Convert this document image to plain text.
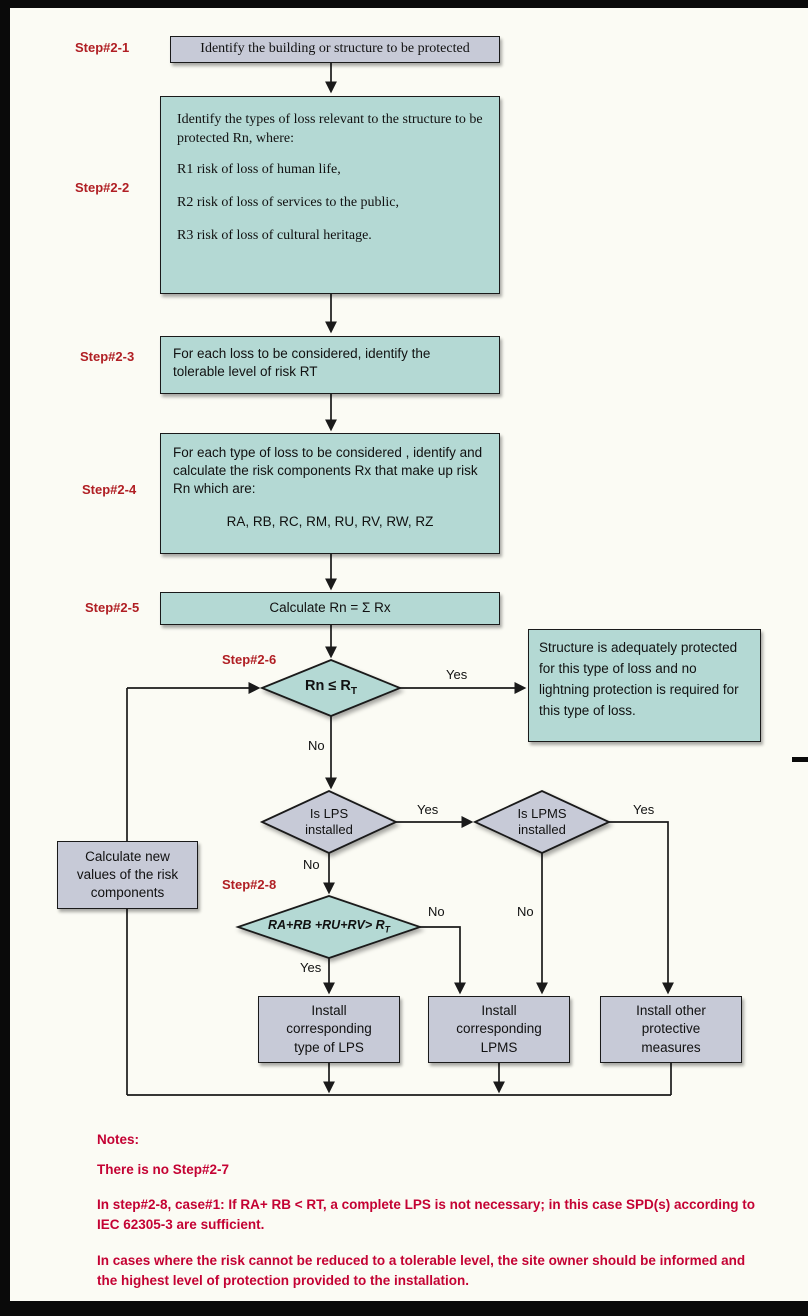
Step#2-1
Step#2-2
Step#2-3
Step#2-4
Step#2-5
Step#2-6
Step#2-8
Identify the building or structure to be protected

Identify the types of loss relevant to the structure to be protected Rn, where:

R1 risk of loss of human life,

R2 risk of loss of services to the public,

R3 risk of loss of cultural heritage.

For each loss to be considered, identify the tolerable level of risk RT

For each type of loss to be considered , identify and calculate the risk components Rx that make up risk Rn which are:

RA, RB, RC, RM, RU, RV, RW, RZ

Calculate Rn = Σ Rx
Structure is adequately protected for this type of loss and no lightning protection is required for this type of loss.
Calculate new values of the risk components
Install corresponding type of LPS
Install corresponding LPMS
Install other protective measures
$Rn \le R_T$
Is LPS installed
Is LPMS installed
$RA+RB +RU+RV> R_T$
Yes
No
Yes
No
Yes
No	No
Yes

Notes:

There is no Step#2-7

In step#2-8, case#1: If RA+ RB < RT, a complete LPS is not necessary; in this case SPD(s) according to IEC 62305-3 are sufficient.

In cases where the risk cannot be reduced to a tolerable level, the site owner should be informed and the highest level of protection provided to the installation.
